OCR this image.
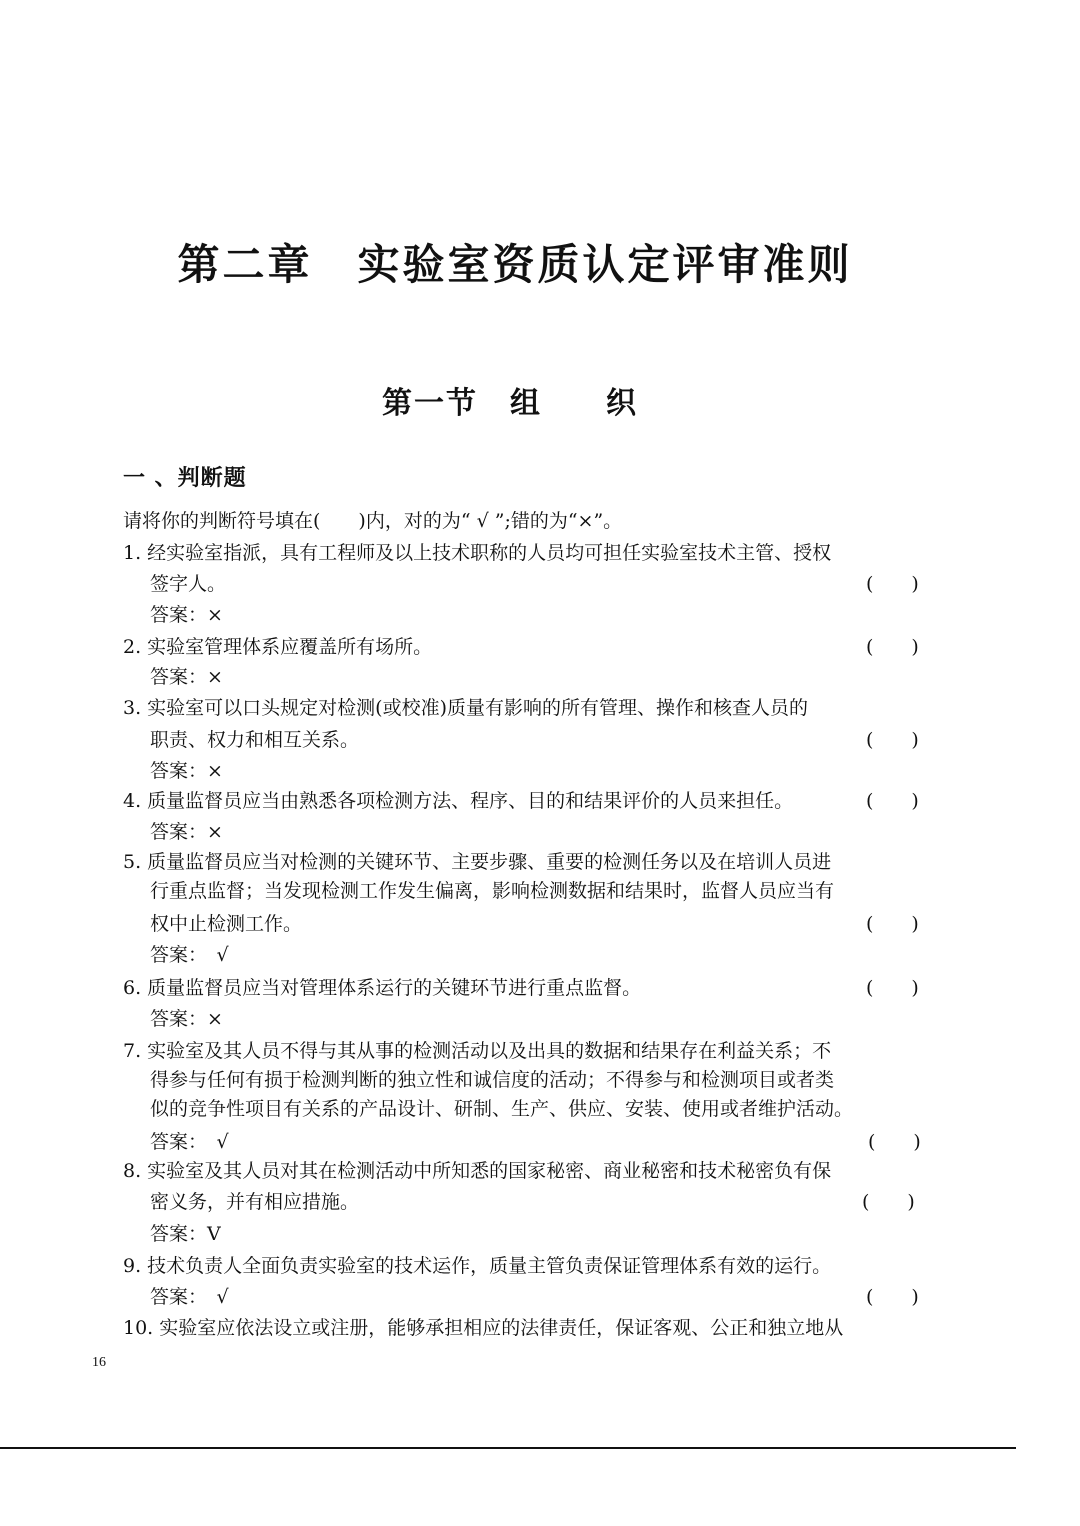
第二章　实验室资质认定评审准则
第一节　组　　织
一 、判断题
请将你的判断符号填在(　　)内，对的为“ √ ”;错的为“×”。
1. 经实验室指派，具有工程师及以上技术职称的人员均可担任实验室技术主管、授权
签字人。	(　　)
答案：×
2. 实验室管理体系应覆盖所有场所。	(　　)
答案：×
3. 实验室可以口头规定对检测(或校准)质量有影响的所有管理、操作和核查人员的
职责、权力和相互关系。	(　　)
答案：×
4. 质量监督员应当由熟悉各项检测方法、程序、目的和结果评价的人员来担任。	(　　)
答案：×
5. 质量监督员应当对检测的关键环节、主要步骤、重要的检测任务以及在培训人员进
行重点监督；当发现检测工作发生偏离，影响检测数据和结果时，监督人员应当有
权中止检测工作。	(　　)
答案：　√
6. 质量监督员应当对管理体系运行的关键环节进行重点监督。	(　　)
答案：×
7. 实验室及其人员不得与其从事的检测活动以及出具的数据和结果存在利益关系；不
得参与任何有损于检测判断的独立性和诚信度的活动；不得参与和检测项目或者类
似的竞争性项目有关系的产品设计、研制、生产、供应、安装、使用或者维护活动。
答案：　√	(　　)
8. 实验室及其人员对其在检测活动中所知悉的国家秘密、商业秘密和技术秘密负有保
密义务，并有相应措施。	(　　)
答案：V
9. 技术负责人全面负责实验室的技术运作，质量主管负责保证管理体系有效的运行。
答案：　√	(　　)
10. 实验室应依法设立或注册，能够承担相应的法律责任，保证客观、公正和独立地从
16
